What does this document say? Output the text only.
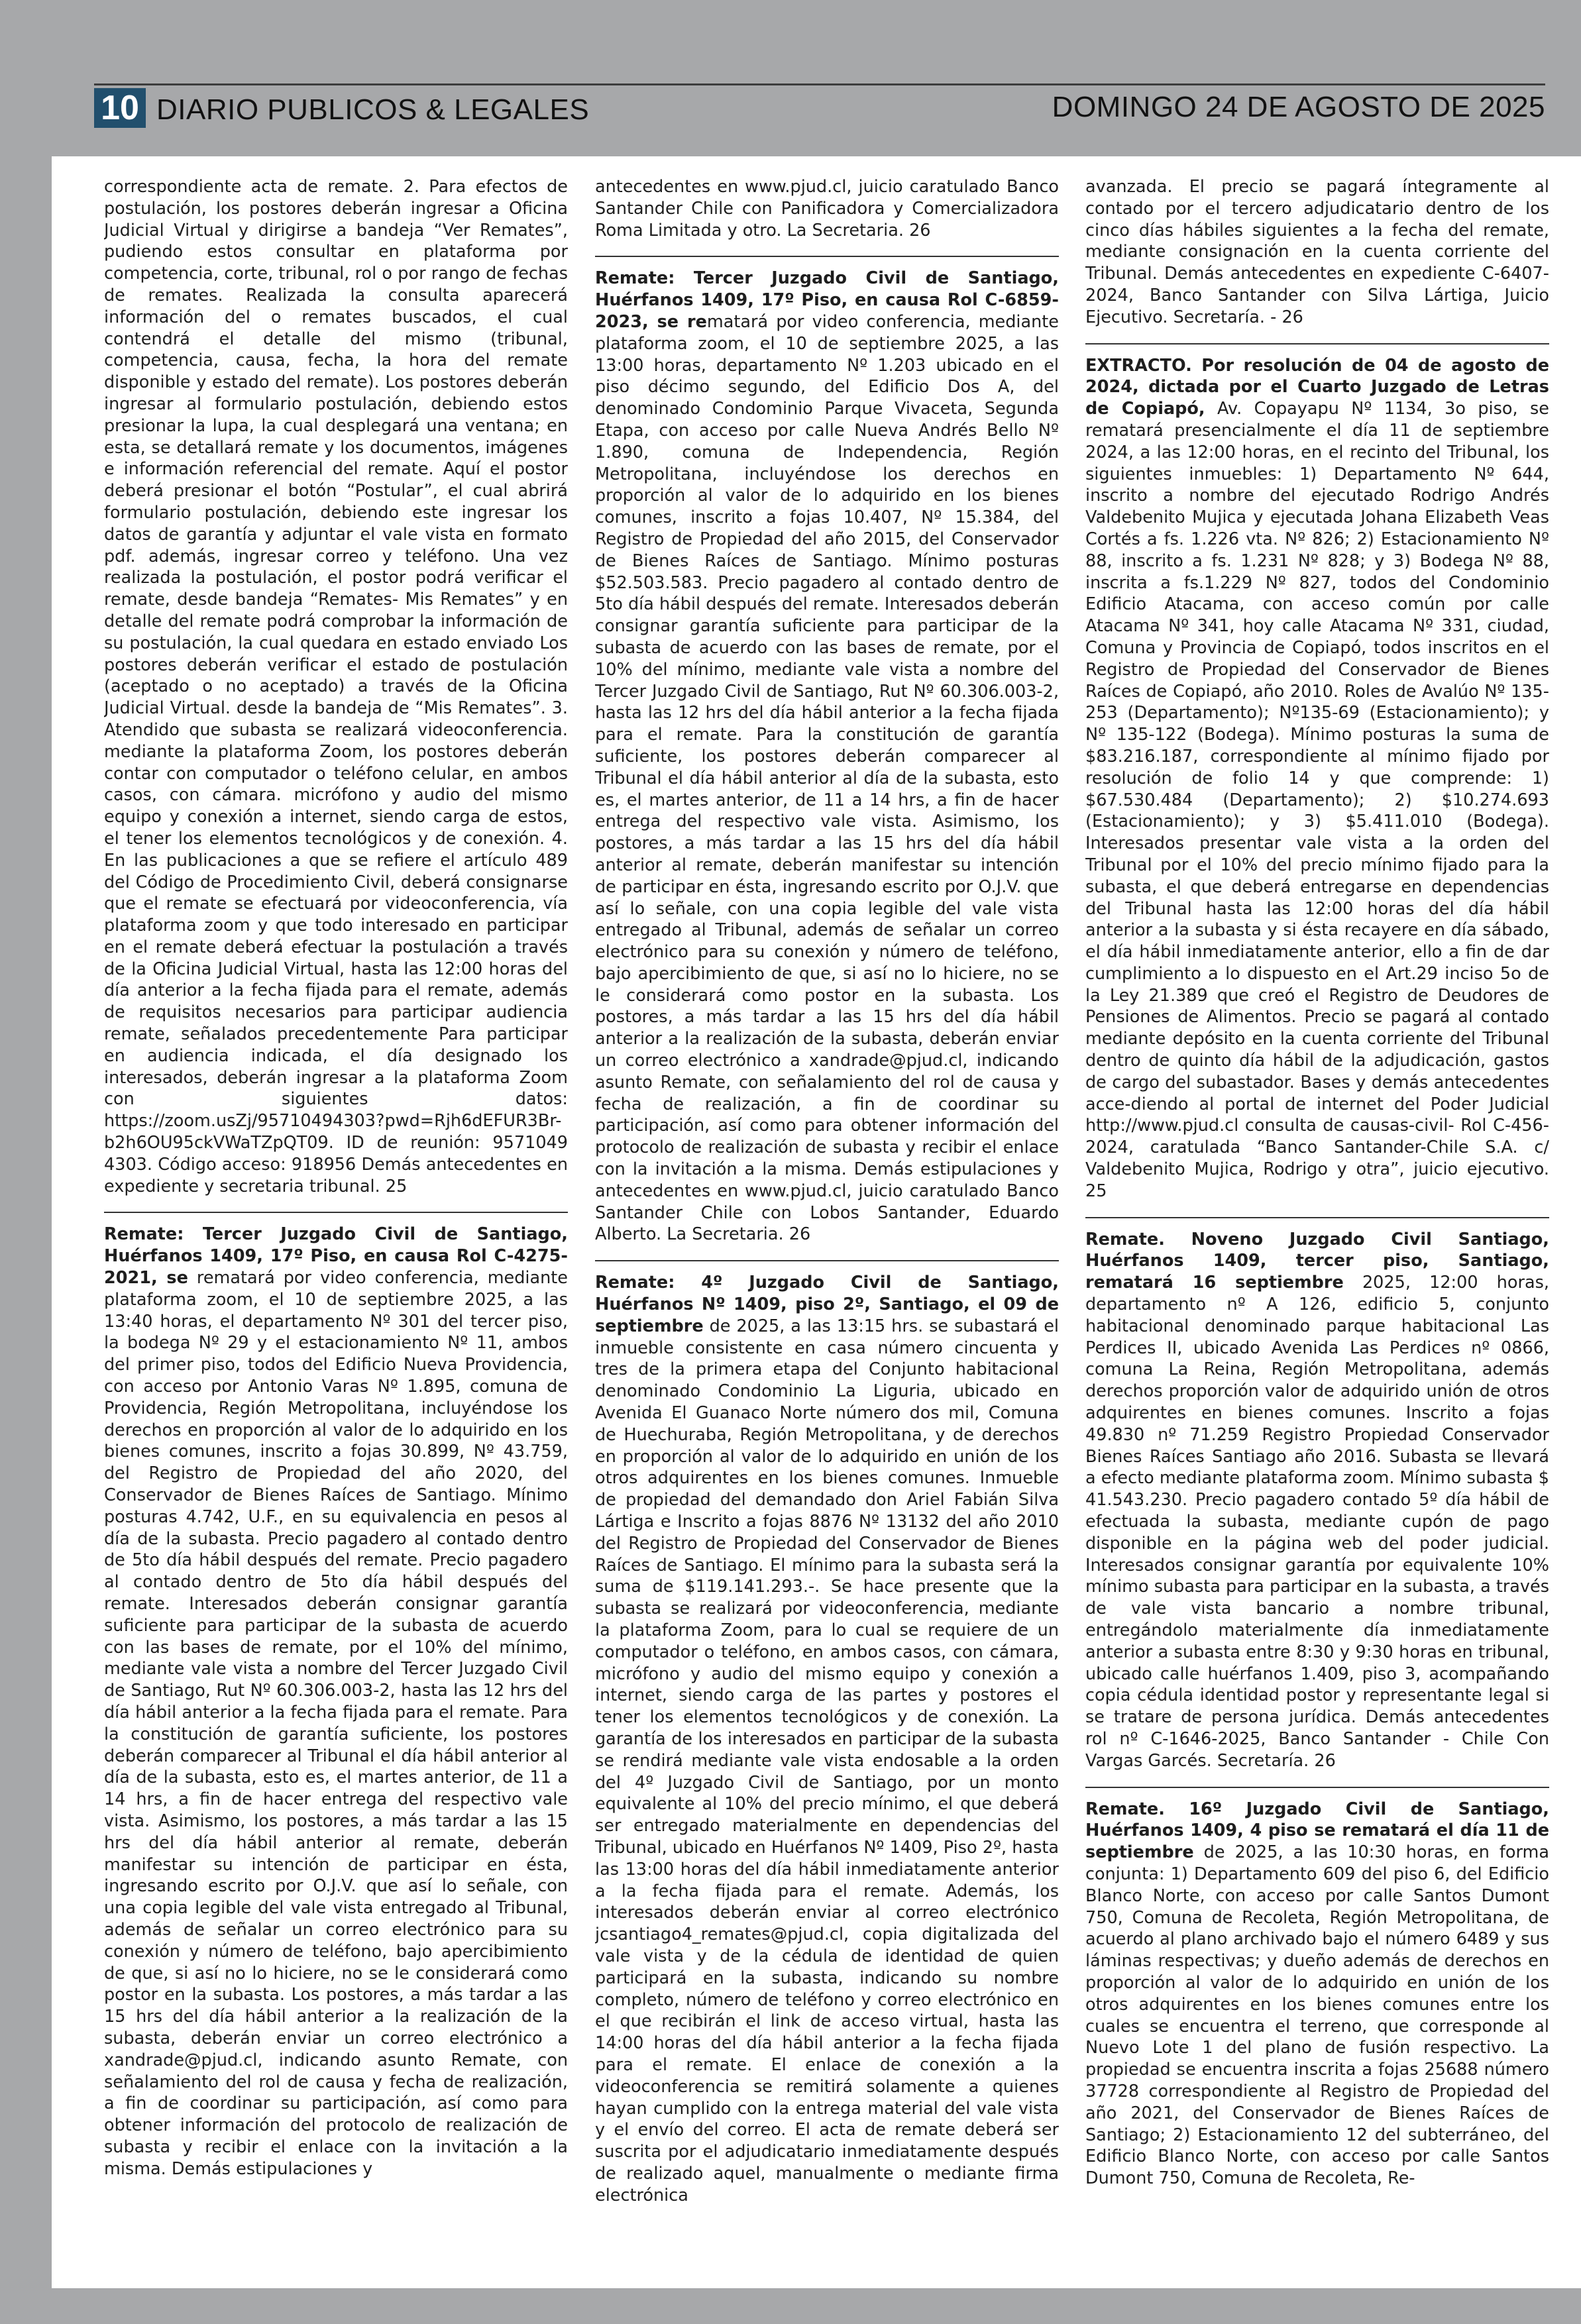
10 DIARIO PUBLICOS & LEGALES	DOMINGO 24 DE AGOSTO DE 2025

correspondiente acta de remate. 2. Para efectos de postulación, los postores deberán ingresar a Oficina Judicial Virtual y dirigirse a bandeja “Ver Remates”, pudiendo estos consultar en plataforma por competencia, corte, tribunal, rol o por rango de fechas de remates. Realizada la consulta aparecerá información del o remates buscados, el cual contendrá el detalle del mismo (tribunal, competencia, causa, fecha, la hora del remate disponible y estado del remate). Los postores deberán ingresar al formulario postulación, debiendo estos presionar la lupa, la cual desplegará una ventana; en esta, se detallará remate y los documentos, imágenes e información referencial del remate. Aquí el postor deberá presionar el botón “Postular”, el cual abrirá formulario postulación, debiendo este ingresar los datos de garantía y adjuntar el vale vista en formato pdf. además, ingresar correo y teléfono. Una vez realizada la postulación, el postor podrá verificar el remate, desde bandeja “Remates- Mis Remates” y en detalle del remate podrá comprobar la información de su postulación, la cual quedara en estado enviado Los postores deberán verificar el estado de postulación (aceptado o no aceptado) a través de la Oficina Judicial Virtual. desde la bandeja de “Mis Remates”. 3. Atendido que subasta se realizará videoconferencia. mediante la plataforma Zoom, los postores deberán contar con computador o teléfono celular, en ambos casos, con cámara. micrófono y audio del mismo equipo y conexión a internet, siendo carga de estos, el tener los elementos tecnológicos y de conexión. 4. En las publicaciones a que se refiere el artículo 489 del Código de Procedimiento Civil, deberá consignarse que el remate se efectuará por videoconferencia, vía plataforma zoom y que todo interesado en participar en el remate deberá efectuar la postulación a través de la Oficina Judicial Virtual, hasta las 12:00 horas del día anterior a la fecha fijada para el remate, además de requisitos necesarios para participar audiencia remate, señalados precedentemente Para participar en audiencia indicada, el día designado los interesados, deberán ingresar a la plataforma Zoom con siguientes datos: https://zoom.usZj/95710494303?pwd=Rjh6dEFUR3Br-b2h6OU95ckVWaTZpQT09. ID de reunión: 9571049 4303. Código acceso: 918956 Demás antecedentes en expediente y secretaria tribunal. 25

Remate: Tercer Juzgado Civil de Santiago, Huérfanos 1409, 17º Piso, en causa Rol C-4275-2021, se rematará por video conferencia, mediante plataforma zoom, el 10 de septiembre 2025, a las 13:40 horas, el departamento Nº 301 del tercer piso, la bodega Nº 29 y el estacionamiento Nº 11, ambos del primer piso, todos del Edificio Nueva Providencia, con acceso por Antonio Varas Nº 1.895, comuna de Providencia, Región Metropolitana, incluyéndose los derechos en proporción al valor de lo adquirido en los bienes comunes, inscrito a fojas 30.899, Nº 43.759, del Registro de Propiedad del año 2020, del Conservador de Bienes Raíces de Santiago. Mínimo posturas 4.742, U.F., en su equivalencia en pesos al día de la subasta. Precio pagadero al contado dentro de 5to día hábil después del remate. Precio pagadero al contado dentro de 5to día hábil después del remate. Interesados deberán consignar garantía suficiente para participar de la subasta de acuerdo con las bases de remate, por el 10% del mínimo, mediante vale vista a nombre del Tercer Juzgado Civil de Santiago, Rut Nº 60.306.003-2, hasta las 12 hrs del día hábil anterior a la fecha fijada para el remate. Para la constitución de garantía suficiente, los postores deberán comparecer al Tribunal el día hábil anterior al día de la subasta, esto es, el martes anterior, de 11 a 14 hrs, a fin de hacer entrega del respectivo vale vista. Asimismo, los postores, a más tardar a las 15 hrs del día hábil anterior al remate, deberán manifestar su intención de participar en ésta, ingresando escrito por O.J.V. que así lo señale, con una copia legible del vale vista entregado al Tribunal, además de señalar un correo electrónico para su conexión y número de teléfono, bajo apercibimiento de que, si así no lo hiciere, no se le considerará como postor en la subasta. Los postores, a más tardar a las 15 hrs del día hábil anterior a la realización de la subasta, deberán enviar un correo electrónico a xandrade@pjud.cl, indicando asunto Remate, con señalamiento del rol de causa y fecha de realización, a fin de coordinar su participación, así como para obtener información del protocolo de realización de subasta y recibir el enlace con la invitación a la misma. Demás estipulaciones y

antecedentes en www.pjud.cl, juicio caratulado Banco Santander Chile con Panificadora y Comercializadora Roma Limitada y otro. La Secretaria. 26

Remate: Tercer Juzgado Civil de Santiago, Huérfanos 1409, 17º Piso, en causa Rol C-6859-2023, se rematará por video conferencia, mediante plataforma zoom, el 10 de septiembre 2025, a las 13:00 horas, departamento Nº 1.203 ubicado en el piso décimo segundo, del Edificio Dos A, del denominado Condominio Parque Vivaceta, Segunda Etapa, con acceso por calle Nueva Andrés Bello Nº 1.890, comuna de Independencia, Región Metropolitana, incluyéndose los derechos en proporción al valor de lo adquirido en los bienes comunes, inscrito a fojas 10.407, Nº 15.384, del Registro de Propiedad del año 2015, del Conservador de Bienes Raíces de Santiago. Mínimo posturas $52.503.583. Precio pagadero al contado dentro de 5to día hábil después del remate. Interesados deberán consignar garantía suficiente para participar de la subasta de acuerdo con las bases de remate, por el 10% del mínimo, mediante vale vista a nombre del Tercer Juzgado Civil de Santiago, Rut Nº 60.306.003-2, hasta las 12 hrs del día hábil anterior a la fecha fijada para el remate. Para la constitución de garantía suficiente, los postores deberán comparecer al Tribunal el día hábil anterior al día de la subasta, esto es, el martes anterior, de 11 a 14 hrs, a fin de hacer entrega del respectivo vale vista. Asimismo, los postores, a más tardar a las 15 hrs del día hábil anterior al remate, deberán manifestar su intención de participar en ésta, ingresando escrito por O.J.V. que así lo señale, con una copia legible del vale vista entregado al Tribunal, además de señalar un correo electrónico para su conexión y número de teléfono, bajo apercibimiento de que, si así no lo hiciere, no se le considerará como postor en la subasta. Los postores, a más tardar a las 15 hrs del día hábil anterior a la realización de la subasta, deberán enviar un correo electrónico a xandrade@pjud.cl, indicando asunto Remate, con señalamiento del rol de causa y fecha de realización, a fin de coordinar su participación, así como para obtener información del protocolo de realización de subasta y recibir el enlace con la invitación a la misma. Demás estipulaciones y antecedentes en www.pjud.cl, juicio caratulado Banco Santander Chile con Lobos Santander, Eduardo Alberto. La Secretaria. 26

Remate: 4º Juzgado Civil de Santiago, Huérfanos Nº 1409, piso 2º, Santiago, el 09 de septiembre de 2025, a las 13:15 hrs. se subastará el inmueble consistente en casa número cincuenta y tres de la primera etapa del Conjunto habitacional denominado Condominio La Liguria, ubicado en Avenida El Guanaco Norte número dos mil, Comuna de Huechuraba, Región Metropolitana, y de derechos en proporción al valor de lo adquirido en unión de los otros adquirentes en los bienes comunes. Inmueble de propiedad del demandado don Ariel Fabián Silva Lártiga e Inscrito a fojas 8876 Nº 13132 del año 2010 del Registro de Propiedad del Conservador de Bienes Raíces de Santiago. El mínimo para la subasta será la suma de $119.141.293.-. Se hace presente que la subasta se realizará por videoconferencia, mediante la plataforma Zoom, para lo cual se requiere de un computador o teléfono, en ambos casos, con cámara, micrófono y audio del mismo equipo y conexión a internet, siendo carga de las partes y postores el tener los elementos tecnológicos y de conexión. La garantía de los interesados en participar de la subasta se rendirá mediante vale vista endosable a la orden del 4º Juzgado Civil de Santiago, por un monto equivalente al 10% del precio mínimo, el que deberá ser entregado materialmente en dependencias del Tribunal, ubicado en Huérfanos Nº 1409, Piso 2º, hasta las 13:00 horas del día hábil inmediatamente anterior a la fecha fijada para el remate. Además, los interesados deberán enviar al correo electrónico jcsantiago4_remates@pjud.cl, copia digitalizada del vale vista y de la cédula de identidad de quien participará en la subasta, indicando su nombre completo, número de teléfono y correo electrónico en el que recibirán el link de acceso virtual, hasta las 14:00 horas del día hábil anterior a la fecha fijada para el remate. El enlace de conexión a la videoconferencia se remitirá solamente a quienes hayan cumplido con la entrega material del vale vista y el envío del correo. El acta de remate deberá ser suscrita por el adjudicatario inmediatamente después de realizado aquel, manualmente o mediante firma electrónica

avanzada. El precio se pagará íntegramente al contado por el tercero adjudicatario dentro de los cinco días hábiles siguientes a la fecha del remate, mediante consignación en la cuenta corriente del Tribunal. Demás antecedentes en expediente C-6407-2024, Banco Santander con Silva Lártiga, Juicio Ejecutivo. Secretaría. - 26

EXTRACTO. Por resolución de 04 de agosto de 2024, dictada por el Cuarto Juzgado de Letras de Copiapó, Av. Copayapu Nº 1134, 3o piso, se rematará presencialmente el día 11 de septiembre 2024, a las 12:00 horas, en el recinto del Tribunal, los siguientes inmuebles: 1) Departamento Nº 644, inscrito a nombre del ejecutado Rodrigo Andrés Valdebenito Mujica y ejecutada Johana Elizabeth Veas Cortés a fs. 1.226 vta. Nº 826; 2) Estacionamiento Nº 88, inscrito a fs. 1.231 Nº 828; y 3) Bodega Nº 88, inscrita a fs.1.229 Nº 827, todos del Condominio Edificio Atacama, con acceso común por calle Atacama Nº 341, hoy calle Atacama Nº 331, ciudad, Comuna y Provincia de Copiapó, todos inscritos en el Registro de Propiedad del Conservador de Bienes Raíces de Copiapó, año 2010. Roles de Avalúo Nº 135-253 (Departamento); Nº135-69 (Estacionamiento); y Nº 135-122 (Bodega). Mínimo posturas la suma de $83.216.187, correspondiente al mínimo fijado por resolución de folio 14 y que comprende: 1) $67.530.484 (Departamento); 2) $10.274.693 (Estacionamiento); y 3) $5.411.010 (Bodega). Interesados presentar vale vista a la orden del Tribunal por el 10% del precio mínimo fijado para la subasta, el que deberá entregarse en dependencias del Tribunal hasta las 12:00 horas del día hábil anterior a la subasta y si ésta recayere en día sábado, el día hábil inmediatamente anterior, ello a fin de dar cumplimiento a lo dispuesto en el Art.29 inciso 5o de la Ley 21.389 que creó el Registro de Deudores de Pensiones de Alimentos. Precio se pagará al contado mediante depósito en la cuenta corriente del Tribunal dentro de quinto día hábil de la adjudicación, gastos de cargo del subastador. Bases y demás antecedentes acce-diendo al portal de internet del Poder Judicial http://www.pjud.cl consulta de causas-civil- Rol C-456-2024, caratulada “Banco Santander-Chile S.A. c/ Valdebenito Mujica, Rodrigo y otra”, juicio ejecutivo. 25

Remate. Noveno Juzgado Civil Santiago, Huérfanos 1409, tercer piso, Santiago, rematará 16 septiembre 2025, 12:00 horas, departamento nº A 126, edificio 5, conjunto habitacional denominado parque habitacional Las Perdices II, ubicado Avenida Las Perdices nº 0866, comuna La Reina, Región Metropolitana, además derechos proporción valor de adquirido unión de otros adquirentes en bienes comunes. Inscrito a fojas 49.830 nº 71.259 Registro Propiedad Conservador Bienes Raíces Santiago año 2016. Subasta se llevará a efecto mediante plataforma zoom. Mínimo subasta $ 41.543.230. Precio pagadero contado 5º día hábil de efectuada la subasta, mediante cupón de pago disponible en la página web del poder judicial. Interesados consignar garantía por equivalente 10% mínimo subasta para participar en la subasta, a través de vale vista bancario a nombre tribunal, entregándolo materialmente día inmediatamente anterior a subasta entre 8:30 y 9:30 horas en tribunal, ubicado calle huérfanos 1.409, piso 3, acompañando copia cédula identidad postor y representante legal si se tratare de persona jurídica. Demás antecedentes rol nº C-1646-2025, Banco Santander - Chile Con Vargas Garcés. Secretaría. 26

Remate. 16º Juzgado Civil de Santiago, Huérfanos 1409, 4 piso se rematará el día 11 de septiembre de 2025, a las 10:30 horas, en forma conjunta: 1) Departamento 609 del piso 6, del Edificio Blanco Norte, con acceso por calle Santos Dumont 750, Comuna de Recoleta, Región Metropolitana, de acuerdo al plano archivado bajo el número 6489 y sus láminas respectivas; y dueño además de derechos en proporción al valor de lo adquirido en unión de los otros adquirentes en los bienes comunes entre los cuales se encuentra el terreno, que corresponde al Nuevo Lote 1 del plano de fusión respectivo. La propiedad se encuentra inscrita a fojas 25688 número 37728 correspondiente al Registro de Propiedad del año 2021, del Conservador de Bienes Raíces de Santiago; 2) Estacionamiento 12 del subterráneo, del Edificio Blanco Norte, con acceso por calle Santos Dumont 750, Comuna de Recoleta, Re-
